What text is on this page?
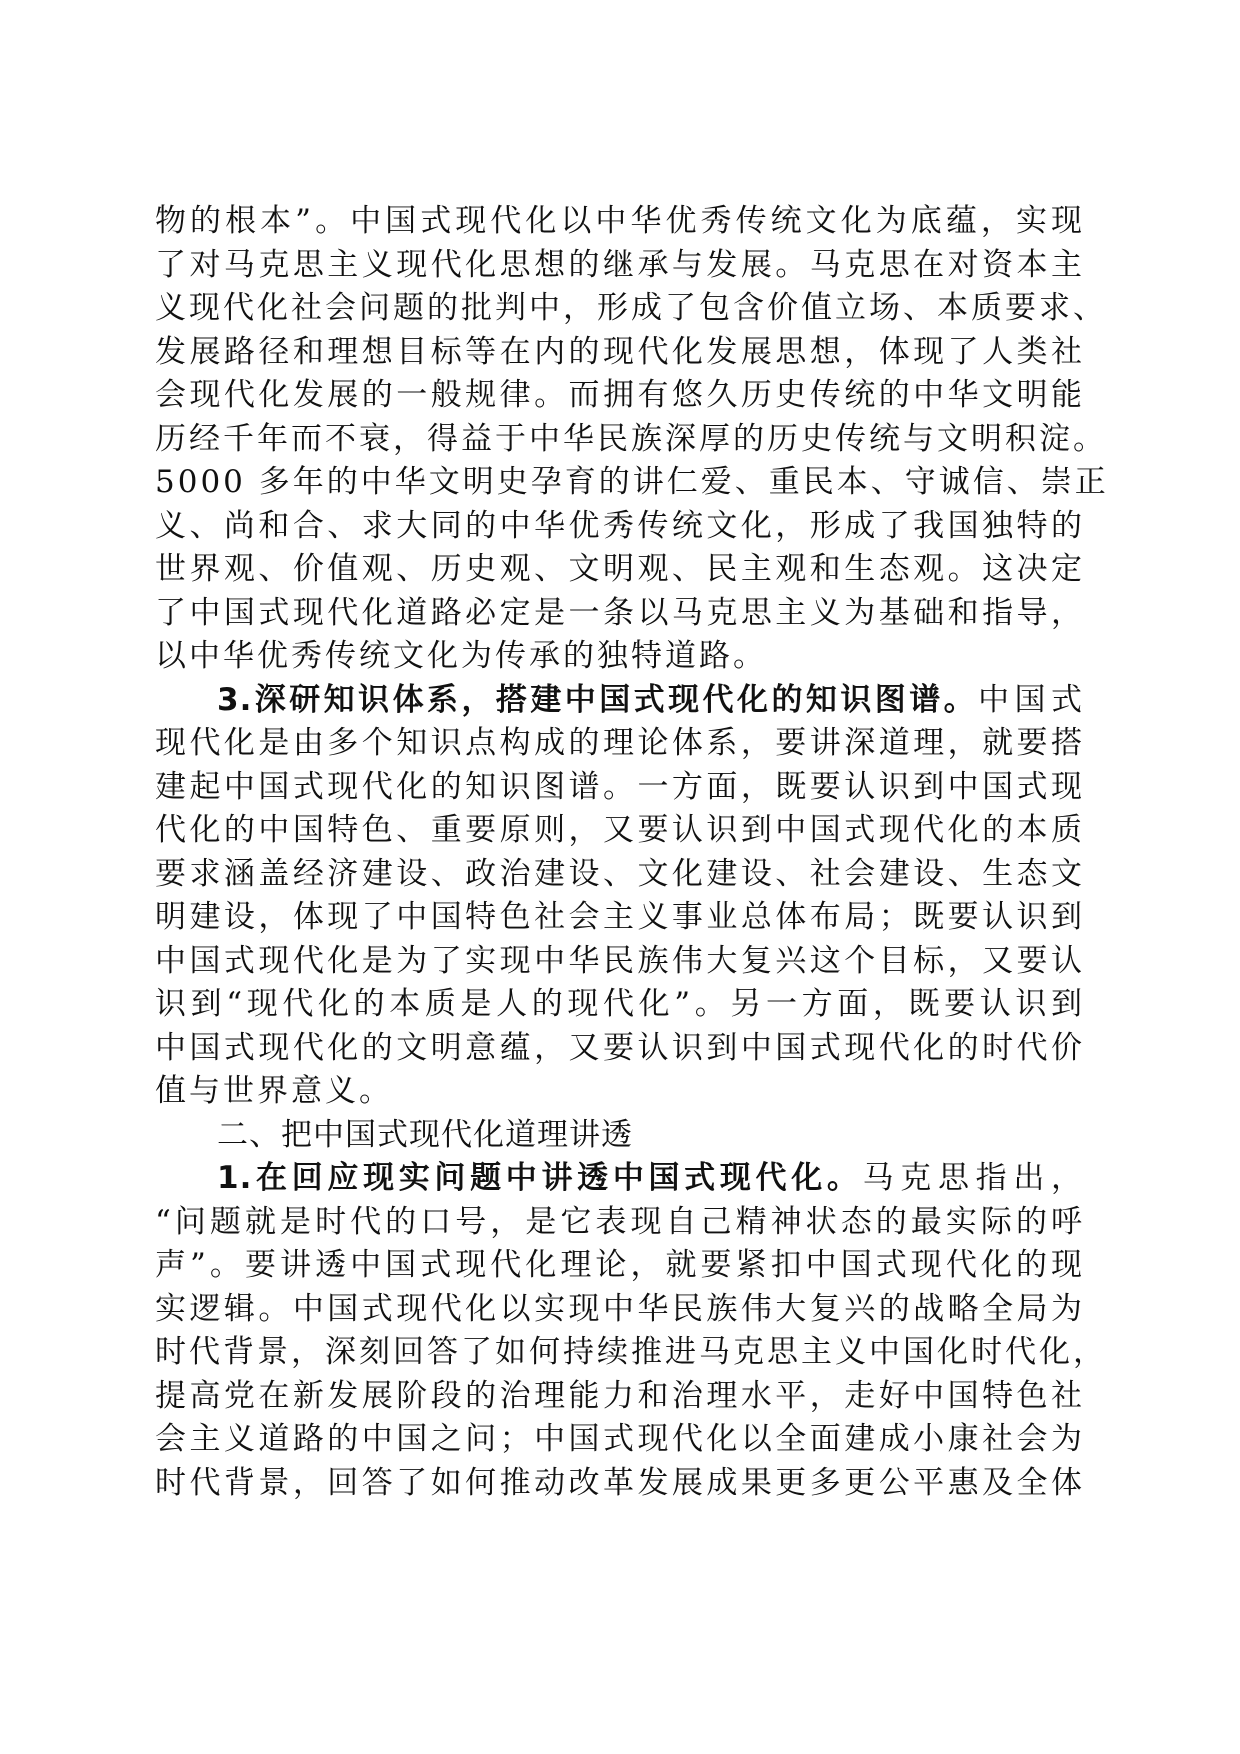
物的根本”。中国式现代化以中华优秀传统文化为底蕴，实现
了对马克思主义现代化思想的继承与发展。马克思在对资本主
义现代化社会问题的批判中，形成了包含价值立场、本质要求、
发展路径和理想目标等在内的现代化发展思想，体现了人类社
会现代化发展的一般规律。而拥有悠久历史传统的中华文明能
历经千年而不衰，得益于中华民族深厚的历史传统与文明积淀。
5000 多年的中华文明史孕育的讲仁爱、重民本、守诚信、崇正
义、尚和合、求大同的中华优秀传统文化，形成了我国独特的
世界观、价值观、历史观、文明观、民主观和生态观。这决定
了中国式现代化道路必定是一条以马克思主义为基础和指导，
以中华优秀传统文化为传承的独特道路。
3.深研知识体系，搭建中国式现代化的知识图谱。中国式
现代化是由多个知识点构成的理论体系，要讲深道理，就要搭
建起中国式现代化的知识图谱。一方面，既要认识到中国式现
代化的中国特色、重要原则，又要认识到中国式现代化的本质
要求涵盖经济建设、政治建设、文化建设、社会建设、生态文
明建设，体现了中国特色社会主义事业总体布局；既要认识到
中国式现代化是为了实现中华民族伟大复兴这个目标，又要认
识到“现代化的本质是人的现代化”。另一方面，既要认识到
中国式现代化的文明意蕴，又要认识到中国式现代化的时代价
值与世界意义。
二、把中国式现代化道理讲透
1.在回应现实问题中讲透中国式现代化。马克思指出，
“问题就是时代的口号，是它表现自己精神状态的最实际的呼
声”。要讲透中国式现代化理论，就要紧扣中国式现代化的现
实逻辑。中国式现代化以实现中华民族伟大复兴的战略全局为
时代背景，深刻回答了如何持续推进马克思主义中国化时代化，
提高党在新发展阶段的治理能力和治理水平，走好中国特色社
会主义道路的中国之问；中国式现代化以全面建成小康社会为
时代背景，回答了如何推动改革发展成果更多更公平惠及全体
